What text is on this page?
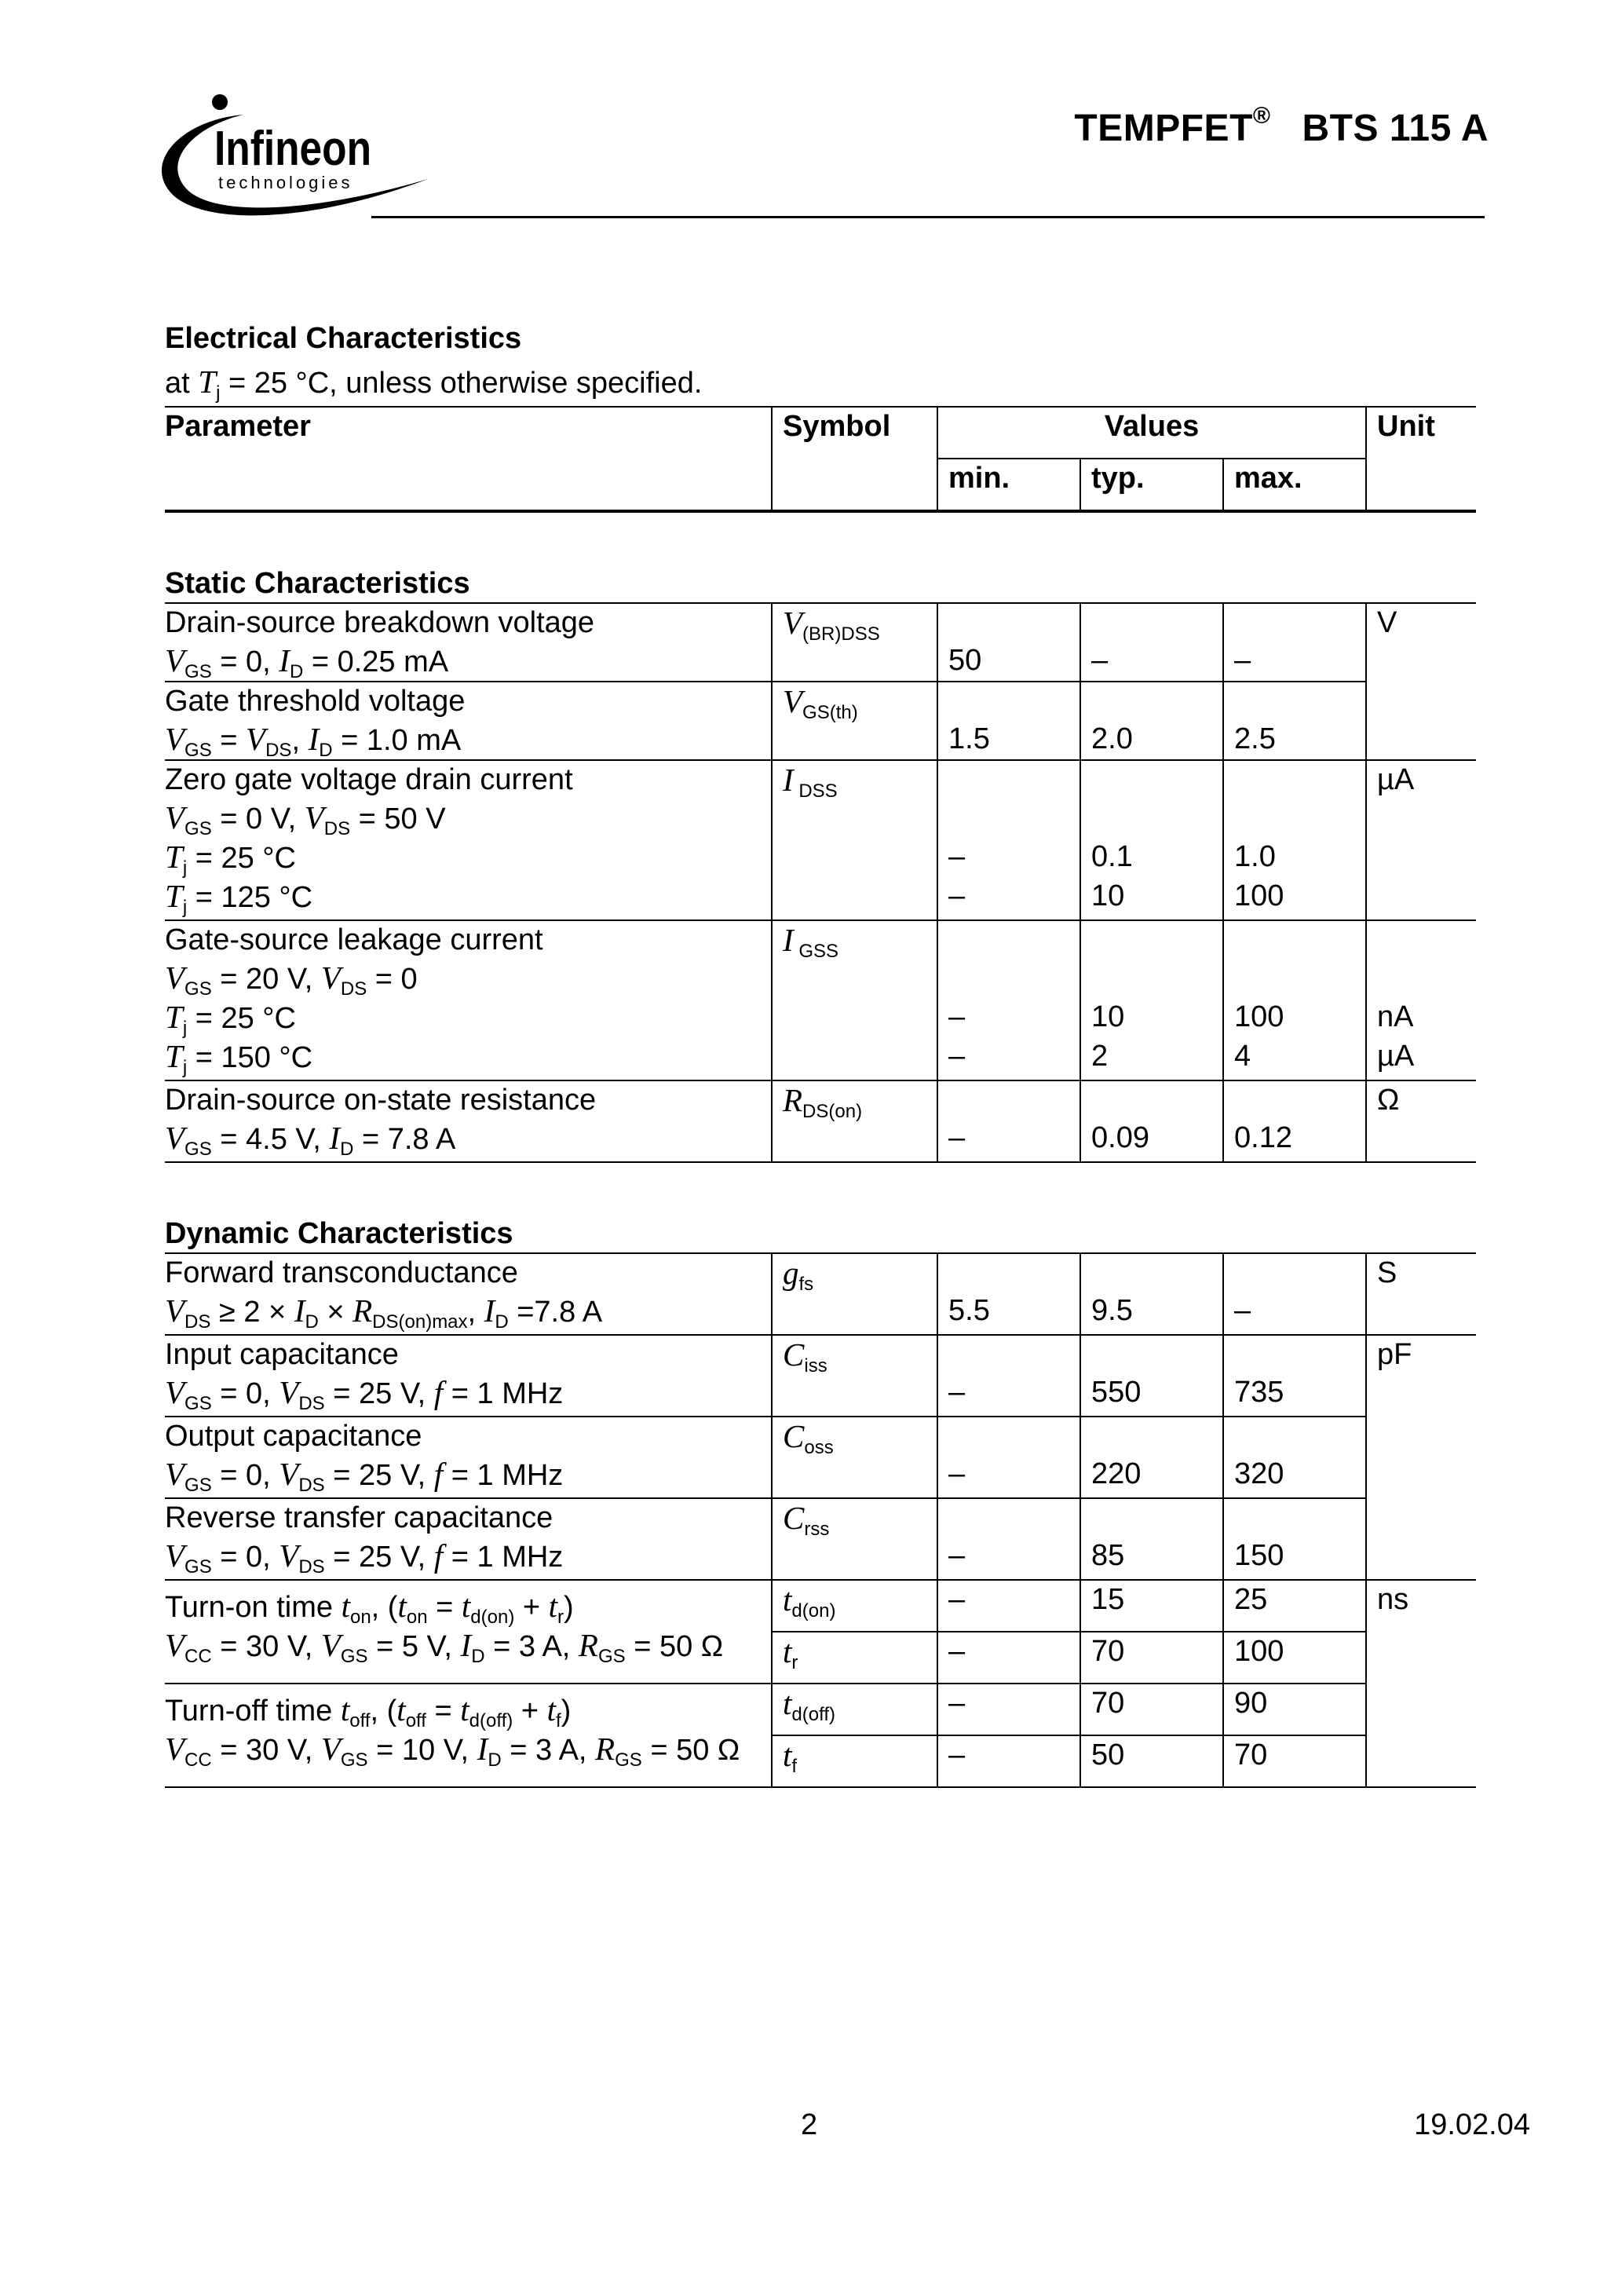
Infineon
technologies
TEMPFET® BTS 115 A
Electrical Characteristics
at $T_j = 25$ °C, unless otherwise specified.
Parameter	Symbol	Values			Unit
		min.	typ.	max.	

Static Characteristics					
Drain-source breakdown voltage	$V_{(BR)DSS}$	50	–	–	V
$V_{GS} = 0$, $I_D = 0.25$ mA					
Gate threshold voltage	$V_{GS(th)}$	1.5	2.0	2.5	
$V_{GS} = V_{DS}$, $I_D = 1.0$ mA					
Zero gate voltage drain current	I $_{DSS}$				µA
$V_{GS} = 0$ V, $V_{DS} = 50$ V					
$T_j = 25$ °C		–	0.1	1.0	
$T_j = 125$ °C		–	10	100	
Gate-source leakage current	I $_{GSS}$				
$V_{GS} = 20$ V, $V_{DS} = 0$					
$T_j = 25$ °C		–	10	100	nA
$T_j = 150$ °C		–	2	4	µA
Drain-source on-state resistance	$R_{DS(on)}$	–	0.09	0.12	Ω
$V_{GS} = 4.5$ V, $I_D = 7.8$ A					
Dynamic Characteristics					
Forward transconductance	$g_{fs}$	5.5	9.5	–	S
$V_{DS} \ge 2 \times I_D \times R_{DS(on)max}$, $I_D =7.8$ A					
Input capacitance	$C_{iss}$	–	550	735	pF
$V_{GS} = 0$, $V_{DS} = 25$ V, f = 1 MHz					
Output capacitance	$C_{oss}$	–	220	320	
$V_{GS} = 0$, $V_{DS} = 25$ V, f = 1 MHz					
Reverse transfer capacitance	$C_{rss}$	–	85	150	
$V_{GS} = 0$, $V_{DS} = 25$ V, f = 1 MHz					
Turn-on time $t_{on}$, $(t_{on} = t_{d(on)} + t_r)$
$V_{CC} = 30$ V, $V_{GS} = 5$ V, $I_D = 3$ A, $R_{GS} = 50$ Ω	$t_{d(on)}$	–	15	25	ns
	$t_r$	–	70	100	
Turn-off time $t_{off}$, $(t_{off} = t_{d(off)} + t_f)$
$V_{CC} = 30$ V, $V_{GS} = 10$ V, $I_D = 3$ A, $R_{GS} = 50$ Ω	$t_{d(off)}$	–	70	90	
	$t_f$	–	50	70	
2	19.02.04
